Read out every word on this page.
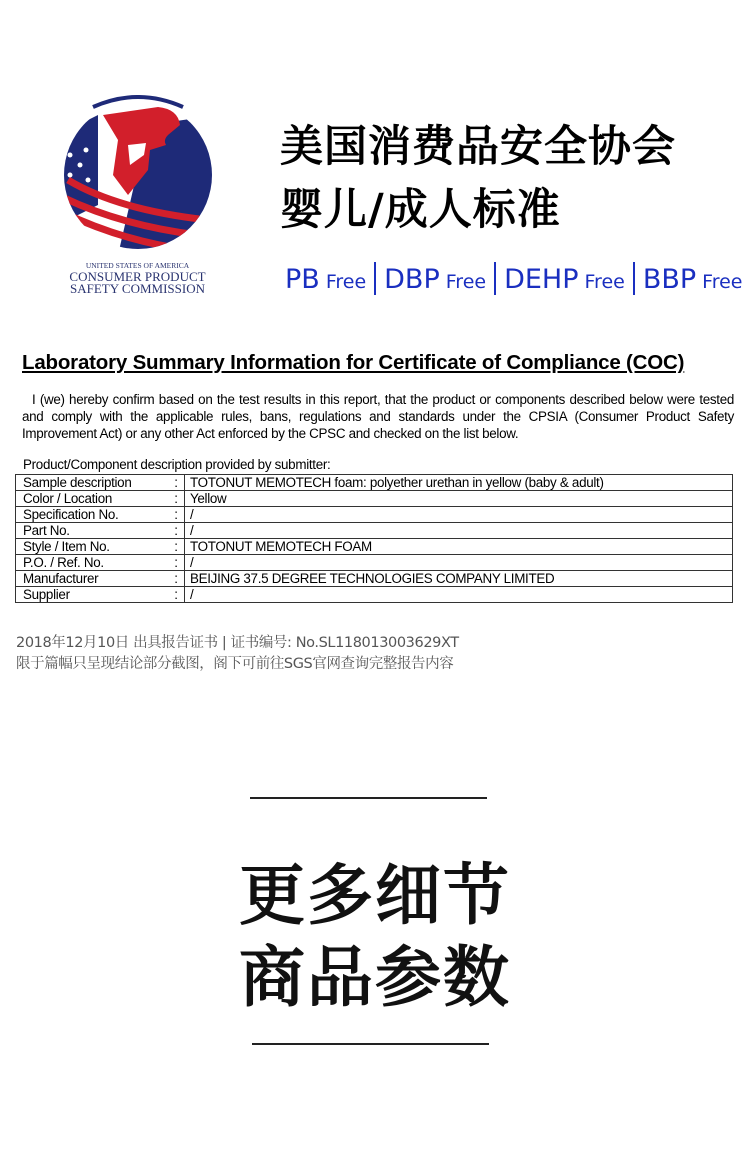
UNITED STATES OF AMERICA
CONSUMER PRODUCT
SAFETY COMMISSION
美国消费品安全协会
婴儿/成人标准
PB Free DBP Free DEHP Free BBP Free
Laboratory Summary Information for Certificate of Compliance (COC)
I (we) hereby confirm based on the test results in this report, that the product or components described below were tested and comply with the applicable rules, bans, regulations and standards under the CPSIA (Consumer Product Safety Improvement Act) or any other Act enforced by the CPSC and checked on the list below.
Product/Component description provided by submitter:
Sample description	:	TOTONUT MEMOTECH foam: polyether urethan in yellow (baby & adult)
Color / Location	:	Yellow
Specification No.	:	/
Part No.	:	/
Style / Item No.	:	TOTONUT MEMOTECH FOAM
P.O. / Ref. No.	:	/
Manufacturer	:	BEIJING 37.5 DEGREE TECHNOLOGIES COMPANY LIMITED
Supplier	:	/
2018年12月10日 出具报告证书 | 证书编号: No.SL118013003629XT
限于篇幅只呈现结论部分截图，阁下可前往SGS官网查询完整报告内容
更多细节
商品参数
